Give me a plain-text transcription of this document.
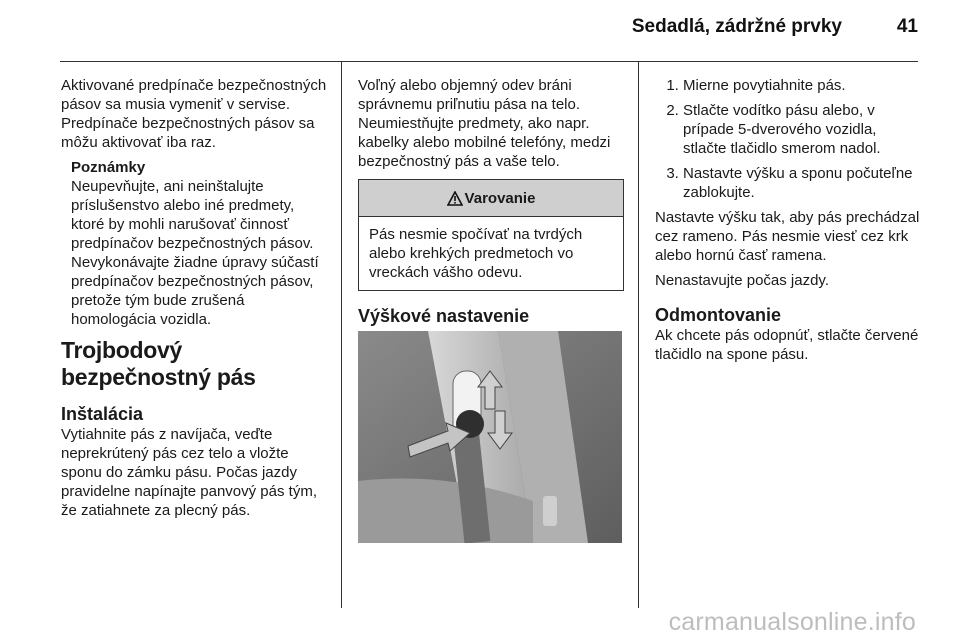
Sedadlá, zádržné prvky	41

Aktivované predpínače bezpečnostných pásov sa musia vymeniť v servise. Predpínače bezpečnostných pásov sa môžu aktivovať iba raz.

Poznámky

Neupevňujte, ani neinštalujte príslušenstvo alebo iné predmety, ktoré by mohli narušovať činnosť predpínačov bezpečnostných pásov. Nevykonávajte žiadne úpravy súčastí predpínačov bezpečnostných pásov, pretože tým bude zrušená homologácia vozidla.

Trojbodový bezpečnostný pás
Inštalácia

Vytiahnite pás z navíjača, veďte neprekrútený pás cez telo a vložte sponu do zámku pásu. Počas jazdy pravidelne napínajte panvový pás tým, že zatiahnete za plecný pás.

Voľný alebo objemný odev bráni správnemu priľnutiu pása na telo. Neumiestňujte predmety, ako napr. kabelky alebo mobilné telefóny, medzi bezpečnostný pás a vaše telo.

Varovanie
Pás nesmie spočívať na tvrdých alebo krehkých predmetoch vo vreckách vášho odevu.
Výškové nastavenie
1. Mierne povytiahnite pás.
2. Stlačte vodítko pásu alebo, v prípade 5-dverového vozidla, stlačte tlačidlo smerom nadol.
3. Nastavte výšku a sponu počuteľne zablokujte.

Nastavte výšku tak, aby pás prechádzal cez rameno. Pás nesmie viesť cez krk alebo hornú časť ramena.

Nenastavujte počas jazdy.

Odmontovanie

Ak chcete pás odopnúť, stlačte červené tlačidlo na spone pásu.

carmanualsonline.info
